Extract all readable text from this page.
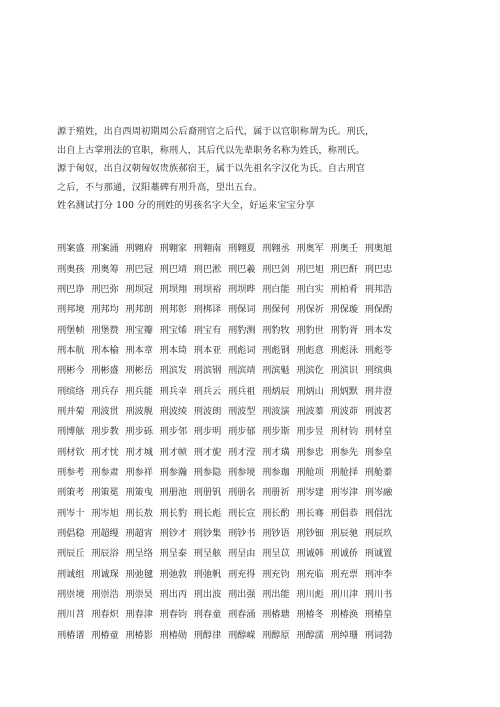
源于殖姓，出自西周初期周公后裔刑官之后代，属于以官职称谓为氏。刑氏，

出自上古掌刑法的官职，称刑人，其后代以先辈职务名称为姓氏，称刑氏。

源于匈奴，出自汉朝匈奴贵族郝宿王，属于以先祖名字汉化为氏。自古刑官

之后，不与那通，汉阳藁碑有刑升高，望出五台。

姓名测试打分 100 分的刑姓的男孩名字大全，好运来宝宝分享

刑案盛 刑案涌 刑翱府 刑翱家 刑翱南 刑翱夏 刑翱丞 刑奥军 刑奥壬 刑奥旭
刑奥孩 刑奥筹 刑巴冠 刑巴靖 刑巴淞 刑巴羲 刑巴剑 刑巴旭 刑巴酐 刑巴忠
刑巴诤 刑巴弥 刑坝冠 刑坝翔 刑坝裕 刑坝晔 刑白能 刑白实 刑柏肴 刑邦浩
刑邦境 刑邦均 刑邦朗 刑邦彰 刑梆译 刑保词 刑保何 刑保祈 刑保璇 刑保酌
刑堡帧 刑堡赞 刑宝瓣 刑宝烯 刑宝有 刑豹测 刑豹牧 刑豹世 刑豹胥 刑本发
刑本航 刑本榆 刑本章 刑本琦 刑本亚 刑彪词 刑彪钢 刑彪意 刑彪泳 刑彪苓
刑彬今 刑彬盛 刑彬岳 刑滨发 刑滨钢 刑滨靖 刑滨魁 刑滨仡 刑滨识 刑缤典
刑缤络 刑兵存 刑兵能 刑兵幸 刑兵云 刑兵祖 刑炳辰 刑炳山 刑炳默 刑井澄
刑并菊 刑波贯 刑波舰 刑波绫 刑波朗 刑波型 刑波演 刑波蓁 刑波茆 刑波茗
刑博舷 刑步教 刑步砾 刑步邻 刑步明 刑步郁 刑步斯 刑步昱 刑材钧 刑材皇
刑材钦 刑才忱 刑才城 刑才帧 刑才旎 刑才滢 刑才璜 刑参忠 刑参先 刑参皇
刑参考 刑参肃 刑参祥 刑参瀚 刑参隐 刑参境 刑参珈 刑舱项 刑舱择 刑舱蓁
刑策考 刑策冕 刑策曳 刑册池 刑册钒 刑册名 刑册祈 刑岑建 刑岑津 刑岑融
刑岑十 刑岑旭 刑长敖 刑长豹 刑长彪 刑长宣 刑长酌 刑长骞 刑倡恭 刑倡沈
刑倡稳 刑超缦 刑超宵 刑钞才 刑钞集 刑钞书 刑钞语 刑钞钿 刑辰驰 刑辰玖
刑辰丘 刑辰浴 刑呈络 刑呈泰 刑呈舷 刑呈由 刑呈苡 刑诚韩 刑诚侨 刑诚置
刑诚组 刑诚琛 刑弛毽 刑弛敦 刑弛帆 刑充得 刑充钧 刑充临 刑充票 刑冲李
刑崇境 刑崇浩 刑崇昊 刑出丙 刑出波 刑出强 刑出能 刑川彪 刑川津 刑川书
刑川苕 刑春炽 刑春津 刑春钧 刑春童 刑春涌 刑椿瑭 刑椿冬 刑椿涣 刑椿皇
刑椿谱 刑椿童 刑椿影 刑椿勋 刑醇律 刑醇嵘 刑醇原 刑醇濡 刑绰珊 刑词勃
